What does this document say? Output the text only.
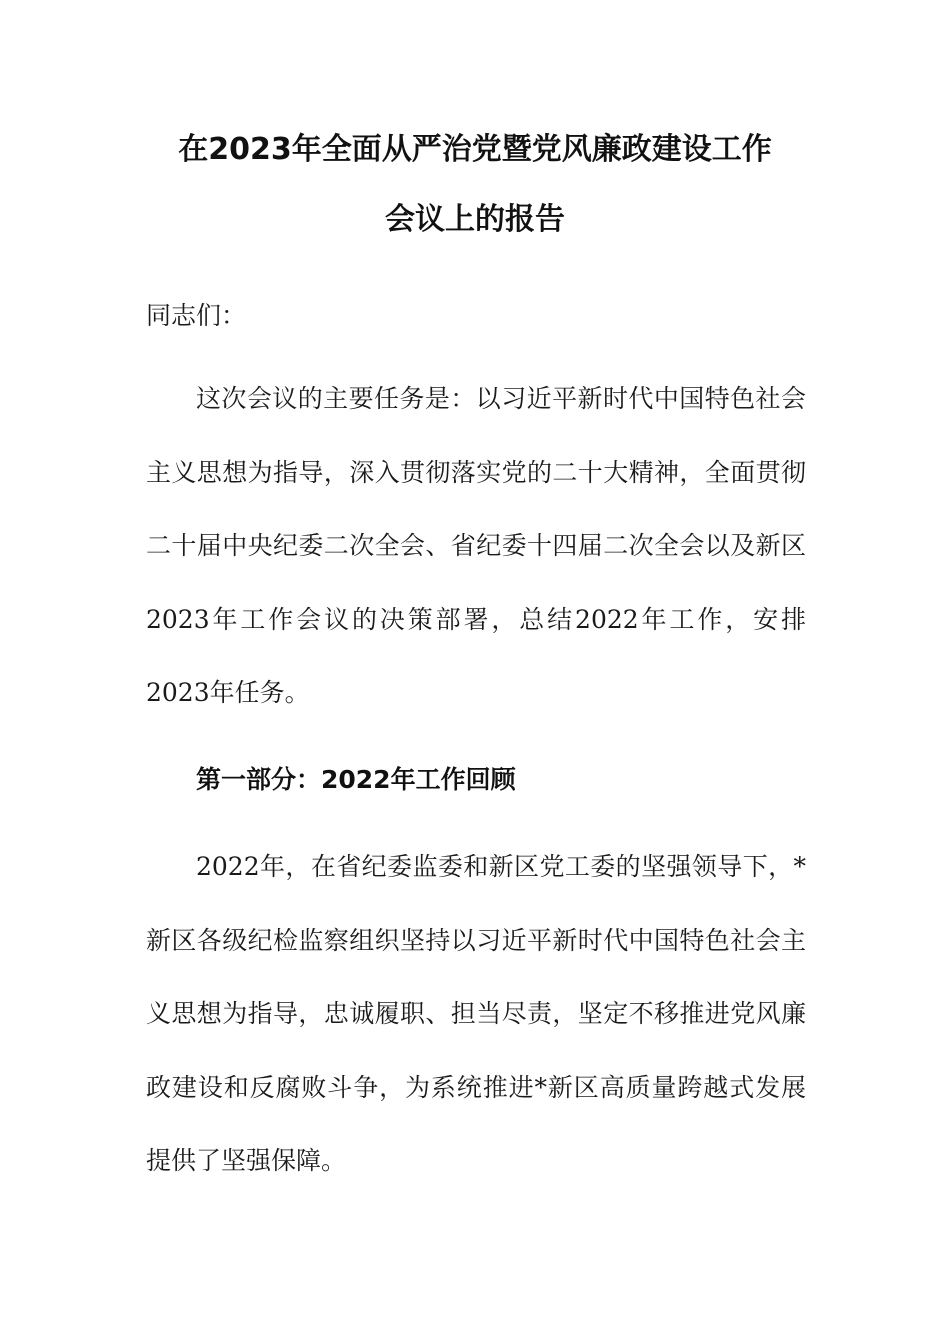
在2023年全面从严治党暨党风廉政建设工作
会议上的报告
同志们：
这次会议的主要任务是：以习近平新时代中国特色社会主义思想为指导，深入贯彻落实党的二十大精神，全面贯彻二十届中央纪委二次全会、省纪委十四届二次全会以及新区2023年工作会议的决策部署，总结2022年工作，安排2023年任务。
第一部分：2022年工作回顾
2022年，在省纪委监委和新区党工委的坚强领导下，*新区各级纪检监察组织坚持以习近平新时代中国特色社会主义思想为指导，忠诚履职、担当尽责，坚定不移推进党风廉政建设和反腐败斗争，为系统推进*新区高质量跨越式发展提供了坚强保障。
